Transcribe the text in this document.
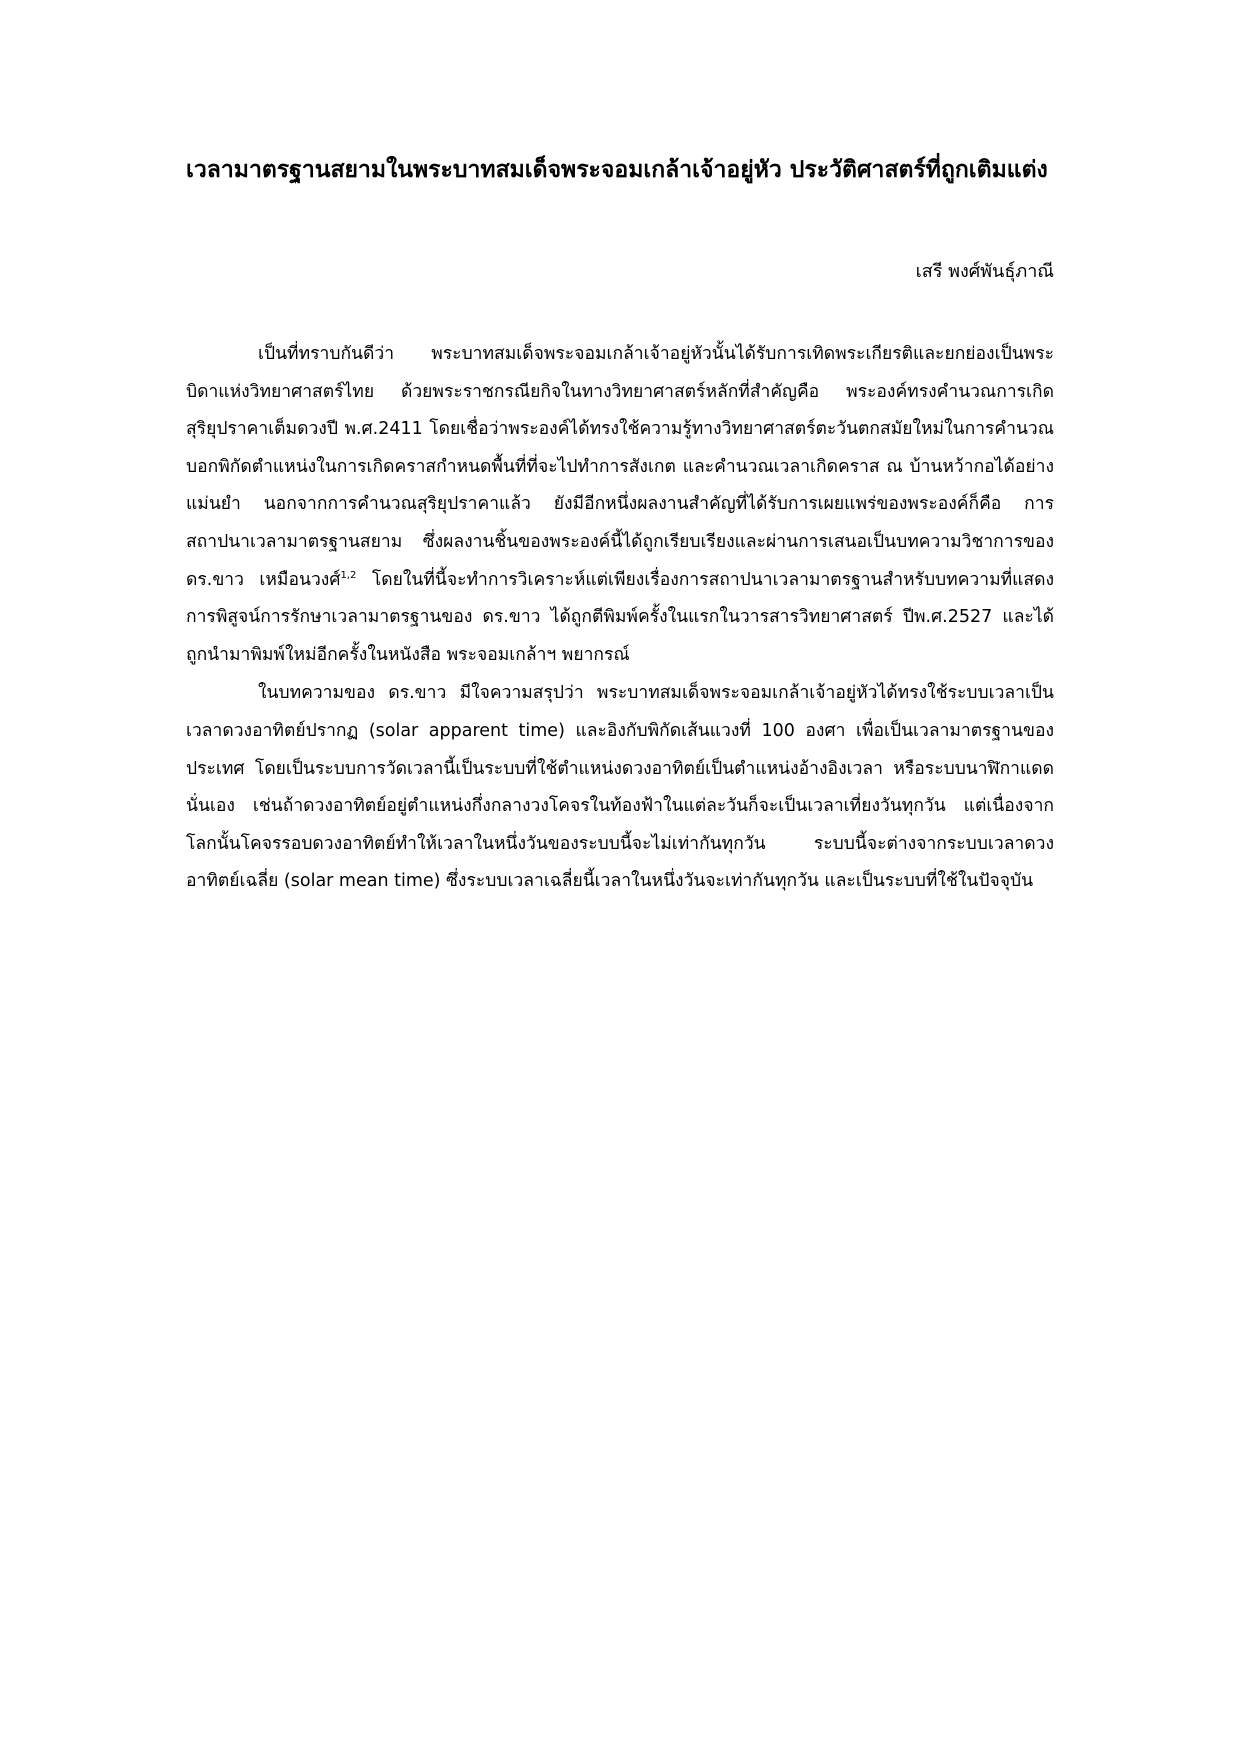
เวลามาตรฐานสยามในพระบาทสมเด็จพระจอมเกล้าเจ้าอยู่หัว ประวัติศาสตร์ที่ถูกเติมแต่ง

เสรี พงศ์พันธุ์ภาณี

เป็นที่ทราบกันดีว่า พระบาทสมเด็จพระจอมเกล้าเจ้าอยู่หัวนั้นได้รับการเทิดพระเกียรติและยกย่องเป็นพระบิดาแห่งวิทยาศาสตร์ไทย ด้วยพระราชกรณียกิจในทางวิทยาศาสตร์หลักที่สำคัญคือ พระองค์ทรงคำนวณการเกิดสุริยุปราคาเต็มดวงปี พ.ศ.2411 โดยเชื่อว่าพระองค์ได้ทรงใช้ความรู้ทางวิทยาศาสตร์ตะวันตกสมัยใหม่ในการคำนวณบอกพิกัดตำแหน่งในการเกิดคราสกำหนดพื้นที่ที่จะไปทำการสังเกต และคำนวณเวลาเกิดคราส ณ บ้านหว้ากอได้อย่างแม่นยำ นอกจากการคำนวณสุริยุปราคาแล้ว ยังมีอีกหนึ่งผลงานสำคัญที่ได้รับการเผยแพร่ของพระองค์ก็คือ การสถาปนาเวลามาตรฐานสยาม ซึ่งผลงานชิ้นของพระองค์นี้ได้ถูกเรียบเรียงและผ่านการเสนอเป็นบทความวิชาการของ ดร.ขาว เหมือนวงศ์$^{1,2}$ โดยในที่นี้จะทำการวิเคราะห์แต่เพียงเรื่องการสถาปนาเวลามาตรฐานสำหรับบทความที่แสดงการพิสูจน์การรักษาเวลามาตรฐานของ ดร.ขาว ได้ถูกตีพิมพ์ครั้งในแรกในวารสารวิทยาศาสตร์ ปีพ.ศ.2527 และได้ถูกนำมาพิมพ์ใหม่อีกครั้งในหนังสือ พระจอมเกล้าฯ พยากรณ์

ในบทความของ ดร.ขาว มีใจความสรุปว่า พระบาทสมเด็จพระจอมเกล้าเจ้าอยู่หัวได้ทรงใช้ระบบเวลาเป็น เวลาดวงอาทิตย์ปรากฏ (solar apparent time) และอิงกับพิกัดเส้นแวงที่ 100 องศา เพื่อเป็นเวลามาตรฐานของประเทศ โดยเป็นระบบการวัดเวลานี้เป็นระบบที่ใช้ตำแหน่งดวงอาทิตย์เป็นตำแหน่งอ้างอิงเวลา หรือระบบนาฬิกาแดดนั่นเอง เช่นถ้าดวงอาทิตย์อยู่ตำแหน่งกึ่งกลางวงโคจรในท้องฟ้าในแต่ละวันก็จะเป็นเวลาเที่ยงวันทุกวัน แต่เนื่องจากโลกนั้นโคจรรอบดวงอาทิตย์ทำให้เวลาในหนึ่งวันของระบบนี้จะไม่เท่ากันทุกวัน ระบบนี้จะต่างจากระบบเวลาดวงอาทิตย์เฉลี่ย (solar mean time) ซึ่งระบบเวลาเฉลี่ยนี้เวลาในหนึ่งวันจะเท่ากันทุกวัน และเป็นระบบที่ใช้ในปัจจุบัน
